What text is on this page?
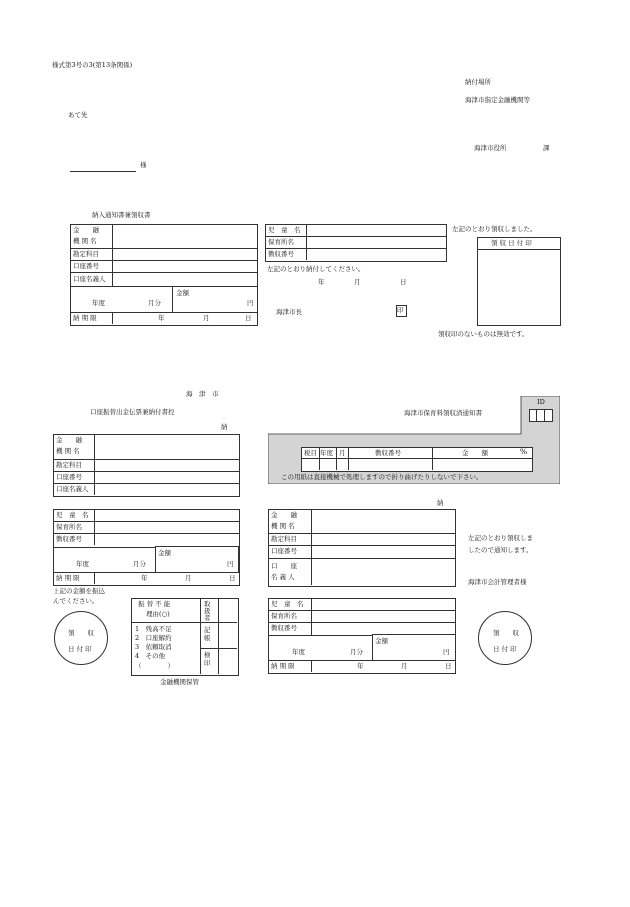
様式第3号の3(第13条関係)
納付場所
海津市指定金融機関等
あて先
海津市役所	課
様
納入通知書兼領収書
金　　融
機 関 名
勘定科目
口座番号
口座名義人
金額
年度	月分	円
納 期 限	年	月	日
児　童　名
保育所名
徴収番号
左記のとおり納付してください。
年	月	日
海津市長	印
左記のとおり領収しました。
領 収 日 付 印
領収印のないものは無効です。
海　津　市
口座振替出金伝票兼納付書控
納
金　　融
機 関 名
勘定科目
口座番号
口座名義人
児　童　名
保育所名
徴収番号
金額
年度	月分	円
納 期 限	年	月	日
上記の金額を振込
んでください。
領　　収
日 付 印
振 替 不 能
理由(○)
1　残高不足
2　口座解約
3　依頼取消
4　その他
（　　　　）
取扱者
記帳
検印
金融機関保管
ID
海津市保育料領収済通知書
税目 年度 月	徴収番号	金　　額	%
この用紙は直接機械で処理しますので折り曲げたりしないで下さい。
納
金　　融
機 関 名
勘定科目
口座番号
口　　座
名 義 人
左記のとおり領収しま
したので通知します。
海津市会計管理者様
児　童　名
保育所名
徴収番号
金額
年度	月分	円
納 期 限	年	月	日
領　　収
日 付 印
